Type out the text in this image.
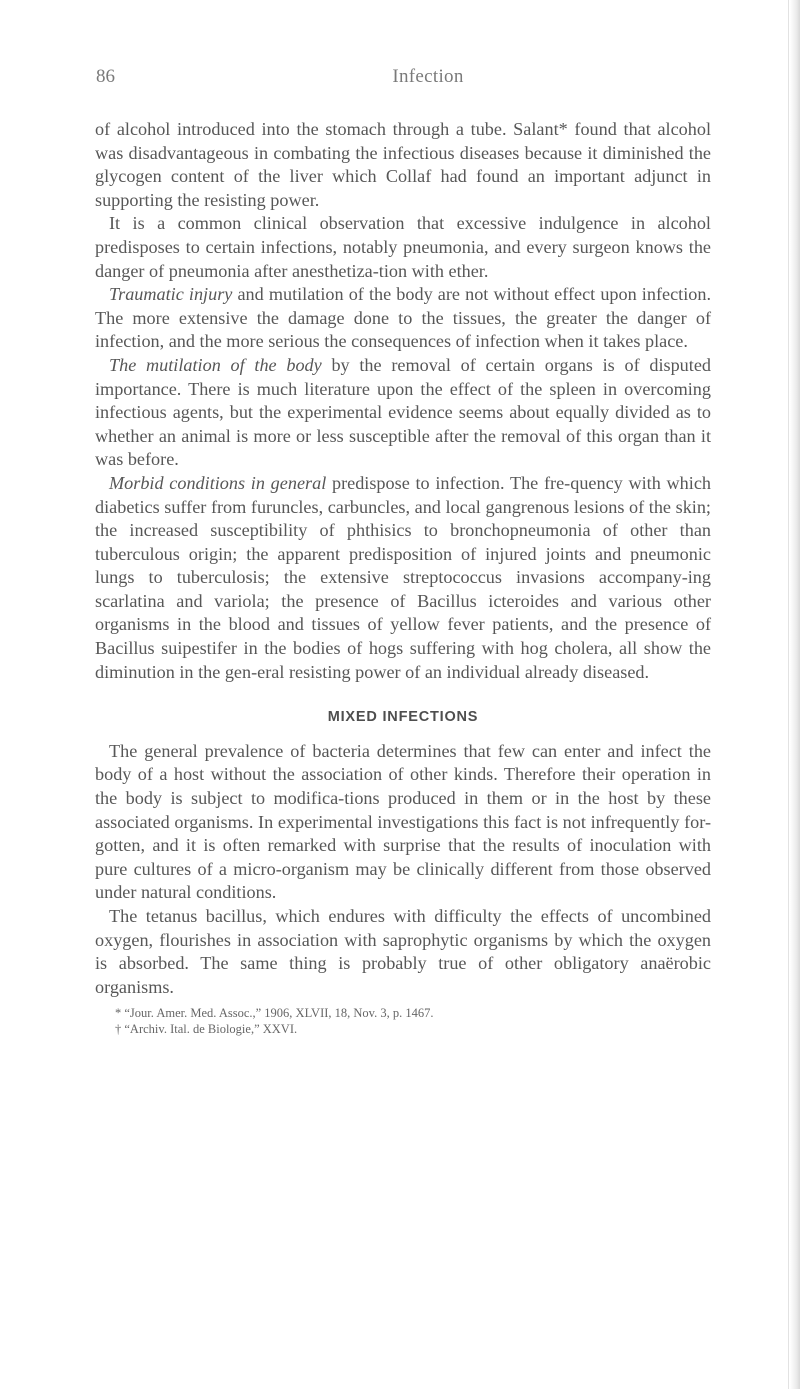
86	Infection

of alcohol introduced into the stomach through a tube. Salant* found that alcohol was disadvantageous in combating the infectious diseases because it diminished the glycogen content of the liver which Collaf had found an important adjunct in supporting the resisting power.

It is a common clinical observation that excessive indulgence in alcohol predisposes to certain infections, notably pneumonia, and every surgeon knows the danger of pneumonia after anesthetiza-tion with ether.

Traumatic injury and mutilation of the body are not without effect upon infection. The more extensive the damage done to the tissues, the greater the danger of infection, and the more serious the consequences of infection when it takes place.

The mutilation of the body by the removal of certain organs is of disputed importance. There is much literature upon the effect of the spleen in overcoming infectious agents, but the experimental evidence seems about equally divided as to whether an animal is more or less susceptible after the removal of this organ than it was before.

Morbid conditions in general predispose to infection. The fre-quency with which diabetics suffer from furuncles, carbuncles, and local gangrenous lesions of the skin; the increased susceptibility of phthisics to bronchopneumonia of other than tuberculous origin; the apparent predisposition of injured joints and pneumonic lungs to tuberculosis; the extensive streptococcus invasions accompany-ing scarlatina and variola; the presence of Bacillus icteroides and various other organisms in the blood and tissues of yellow fever patients, and the presence of Bacillus suipestifer in the bodies of hogs suffering with hog cholera, all show the diminution in the gen-eral resisting power of an individual already diseased.

MIXED INFECTIONS

The general prevalence of bacteria determines that few can enter and infect the body of a host without the association of other kinds. Therefore their operation in the body is subject to modifica-tions produced in them or in the host by these associated organisms. In experimental investigations this fact is not infrequently for-gotten, and it is often remarked with surprise that the results of inoculation with pure cultures of a micro-organism may be clinically different from those observed under natural conditions.

The tetanus bacillus, which endures with difficulty the effects of uncombined oxygen, flourishes in association with saprophytic organisms by which the oxygen is absorbed. The same thing is probably true of other obligatory anaërobic organisms.

* “Jour. Amer. Med. Assoc.,” 1906, XLVII, 18, Nov. 3, p. 1467.

† “Archiv. Ital. de Biologie,” XXVI.
